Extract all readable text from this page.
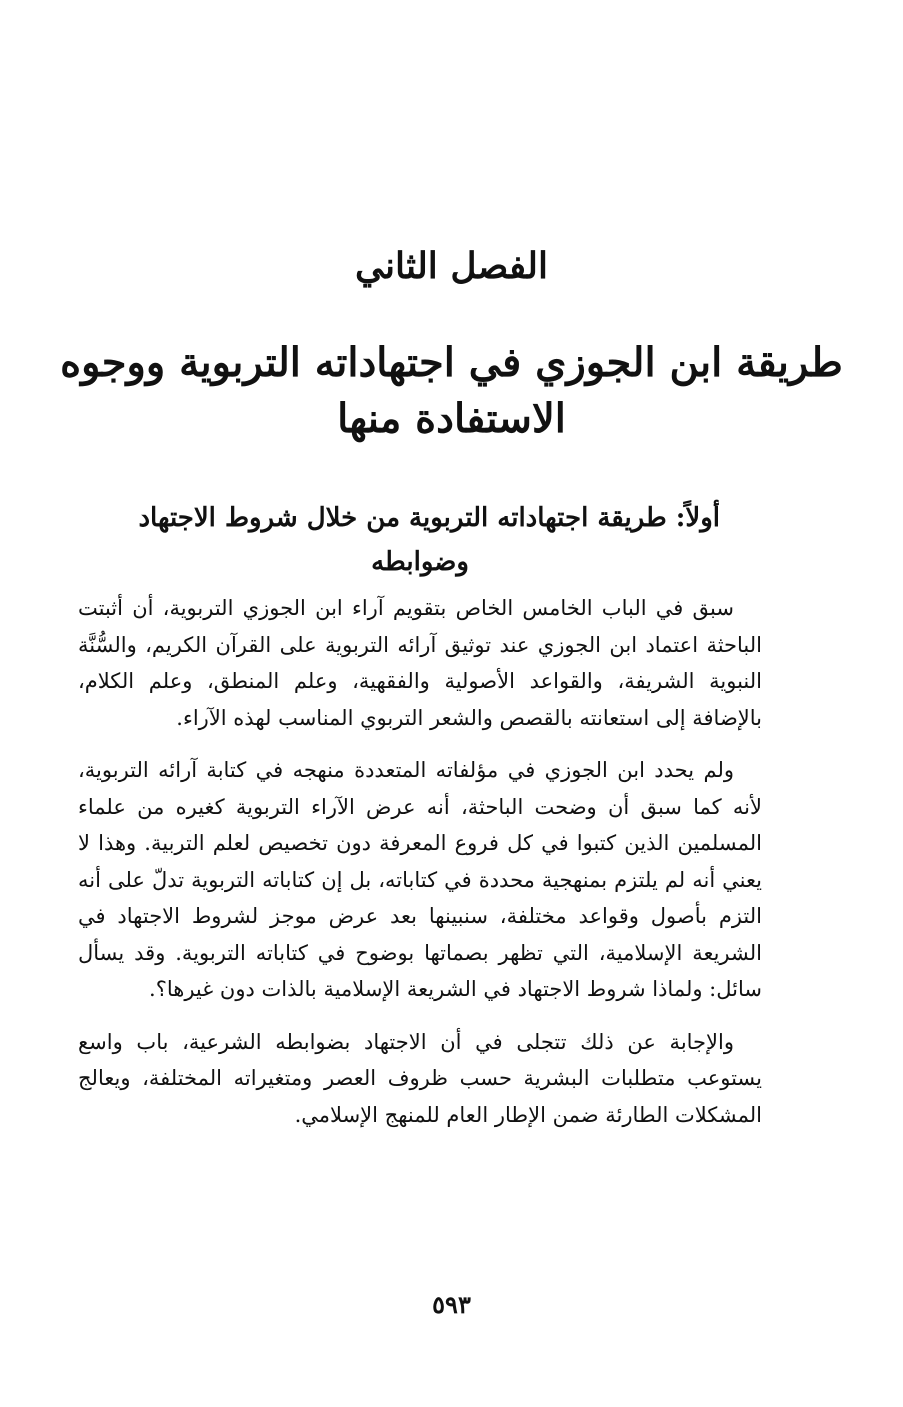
الفصل الثاني
طريقة ابن الجوزي في اجتهاداته التربوية ووجوه الاستفادة منها
أولاً: طريقة اجتهاداته التربوية من خلال شروط الاجتهاد
وضوابطه

سبق في الباب الخامس الخاص بتقويم آراء ابن الجوزي التربوية، أن أثبتت الباحثة اعتماد ابن الجوزي عند توثيق آرائه التربوية على القرآن الكريم، والسُّنَّة النبوية الشريفة، والقواعد الأصولية والفقهية، وعلم المنطق، وعلم الكلام، بالإضافة إلى استعانته بالقصص والشعر التربوي المناسب لهذه الآراء.

ولم يحدد ابن الجوزي في مؤلفاته المتعددة منهجه في كتابة آرائه التربوية، لأنه كما سبق أن وضحت الباحثة، أنه عرض الآراء التربوية كغيره من علماء المسلمين الذين كتبوا في كل فروع المعرفة دون تخصيص لعلم التربية. وهذا لا يعني أنه لم يلتزم بمنهجية محددة في كتاباته، بل إن كتاباته التربوية تدلّ على أنه التزم بأصول وقواعد مختلفة، سنبينها بعد عرض موجز لشروط الاجتهاد في الشريعة الإسلامية، التي تظهر بصماتها بوضوح في كتاباته التربوية. وقد يسأل سائل: ولماذا شروط الاجتهاد في الشريعة الإسلامية بالذات دون غيرها؟.

والإجابة عن ذلك تتجلى في أن الاجتهاد بضوابطه الشرعية، باب واسع يستوعب متطلبات البشرية حسب ظروف العصر ومتغيراته المختلفة، ويعالج المشكلات الطارئة ضمن الإطار العام للمنهج الإسلامي.

٥٩٣
